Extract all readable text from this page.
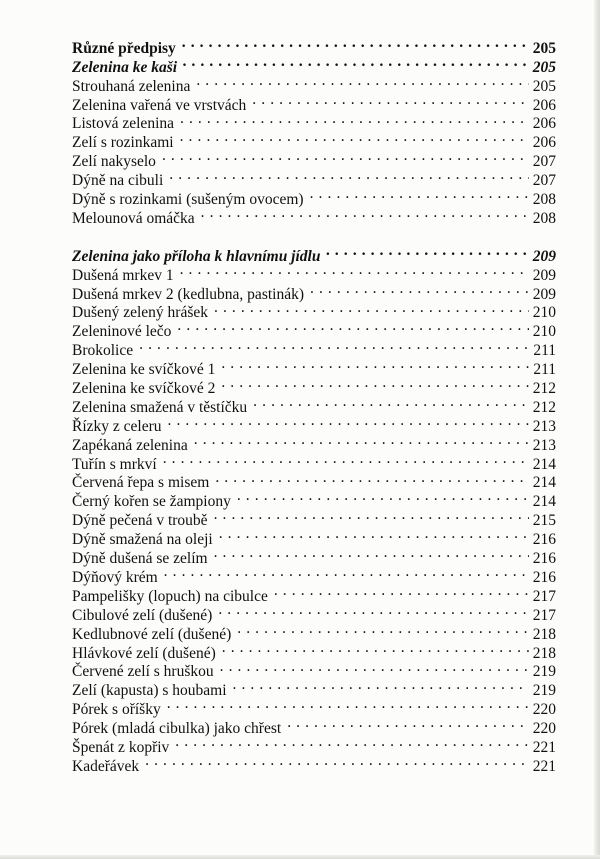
Různé předpisy . . .	205
Zelenina ke kaši . . .	205
Strouhaná zelenina . . .	205
Zelenina vařená ve vrstvách . . .	206
Listová zelenina . . .	206
Zelí s rozinkami . . .	206
Zelí nakyselo . . .	207
Dýně na cibuli . . .	207
Dýně s rozinkami (sušeným ovocem) . . .	208
Melounová omáčka . . .	208
Zelenina jako příloha k hlavnímu jídlu . . .	209
Dušená mrkev 1 . . .	209
Dušená mrkev 2 (kedlubna, pastinák) . . .	209
Dušený zelený hrášek . . .	210
Zeleninové lečo . . .	210
Brokolice . . .	211
Zelenina ke svíčkové 1 . . .	211
Zelenina ke svíčkové 2 . . .	212
Zelenina smažená v těstíčku . . .	212
Řízky z celeru . . .	213
Zapékaná zelenina . . .	213
Tuřín s mrkví . . .	214
Červená řepa s misem . . .	214
Černý kořen se žampiony . . .	214
Dýně pečená v troubě . . .	215
Dýně smažená na oleji . . .	216
Dýně dušená se zelím . . .	216
Dýňový krém . . .	216
Pampelišky (lopuch) na cibulce . . .	217
Cibulové zelí (dušené) . . .	217
Kedlubnové zelí (dušené) . . .	218
Hlávkové zelí (dušené) . . .	218
Červené zelí s hruškou . . .	219
Zelí (kapusta) s houbami . . .	219
Pórek s oříšky . . .	220
Pórek (mladá cibulka) jako chřest . . .	220
Špenát z kopřiv . . .	221
Kadeřávek . . .	221
